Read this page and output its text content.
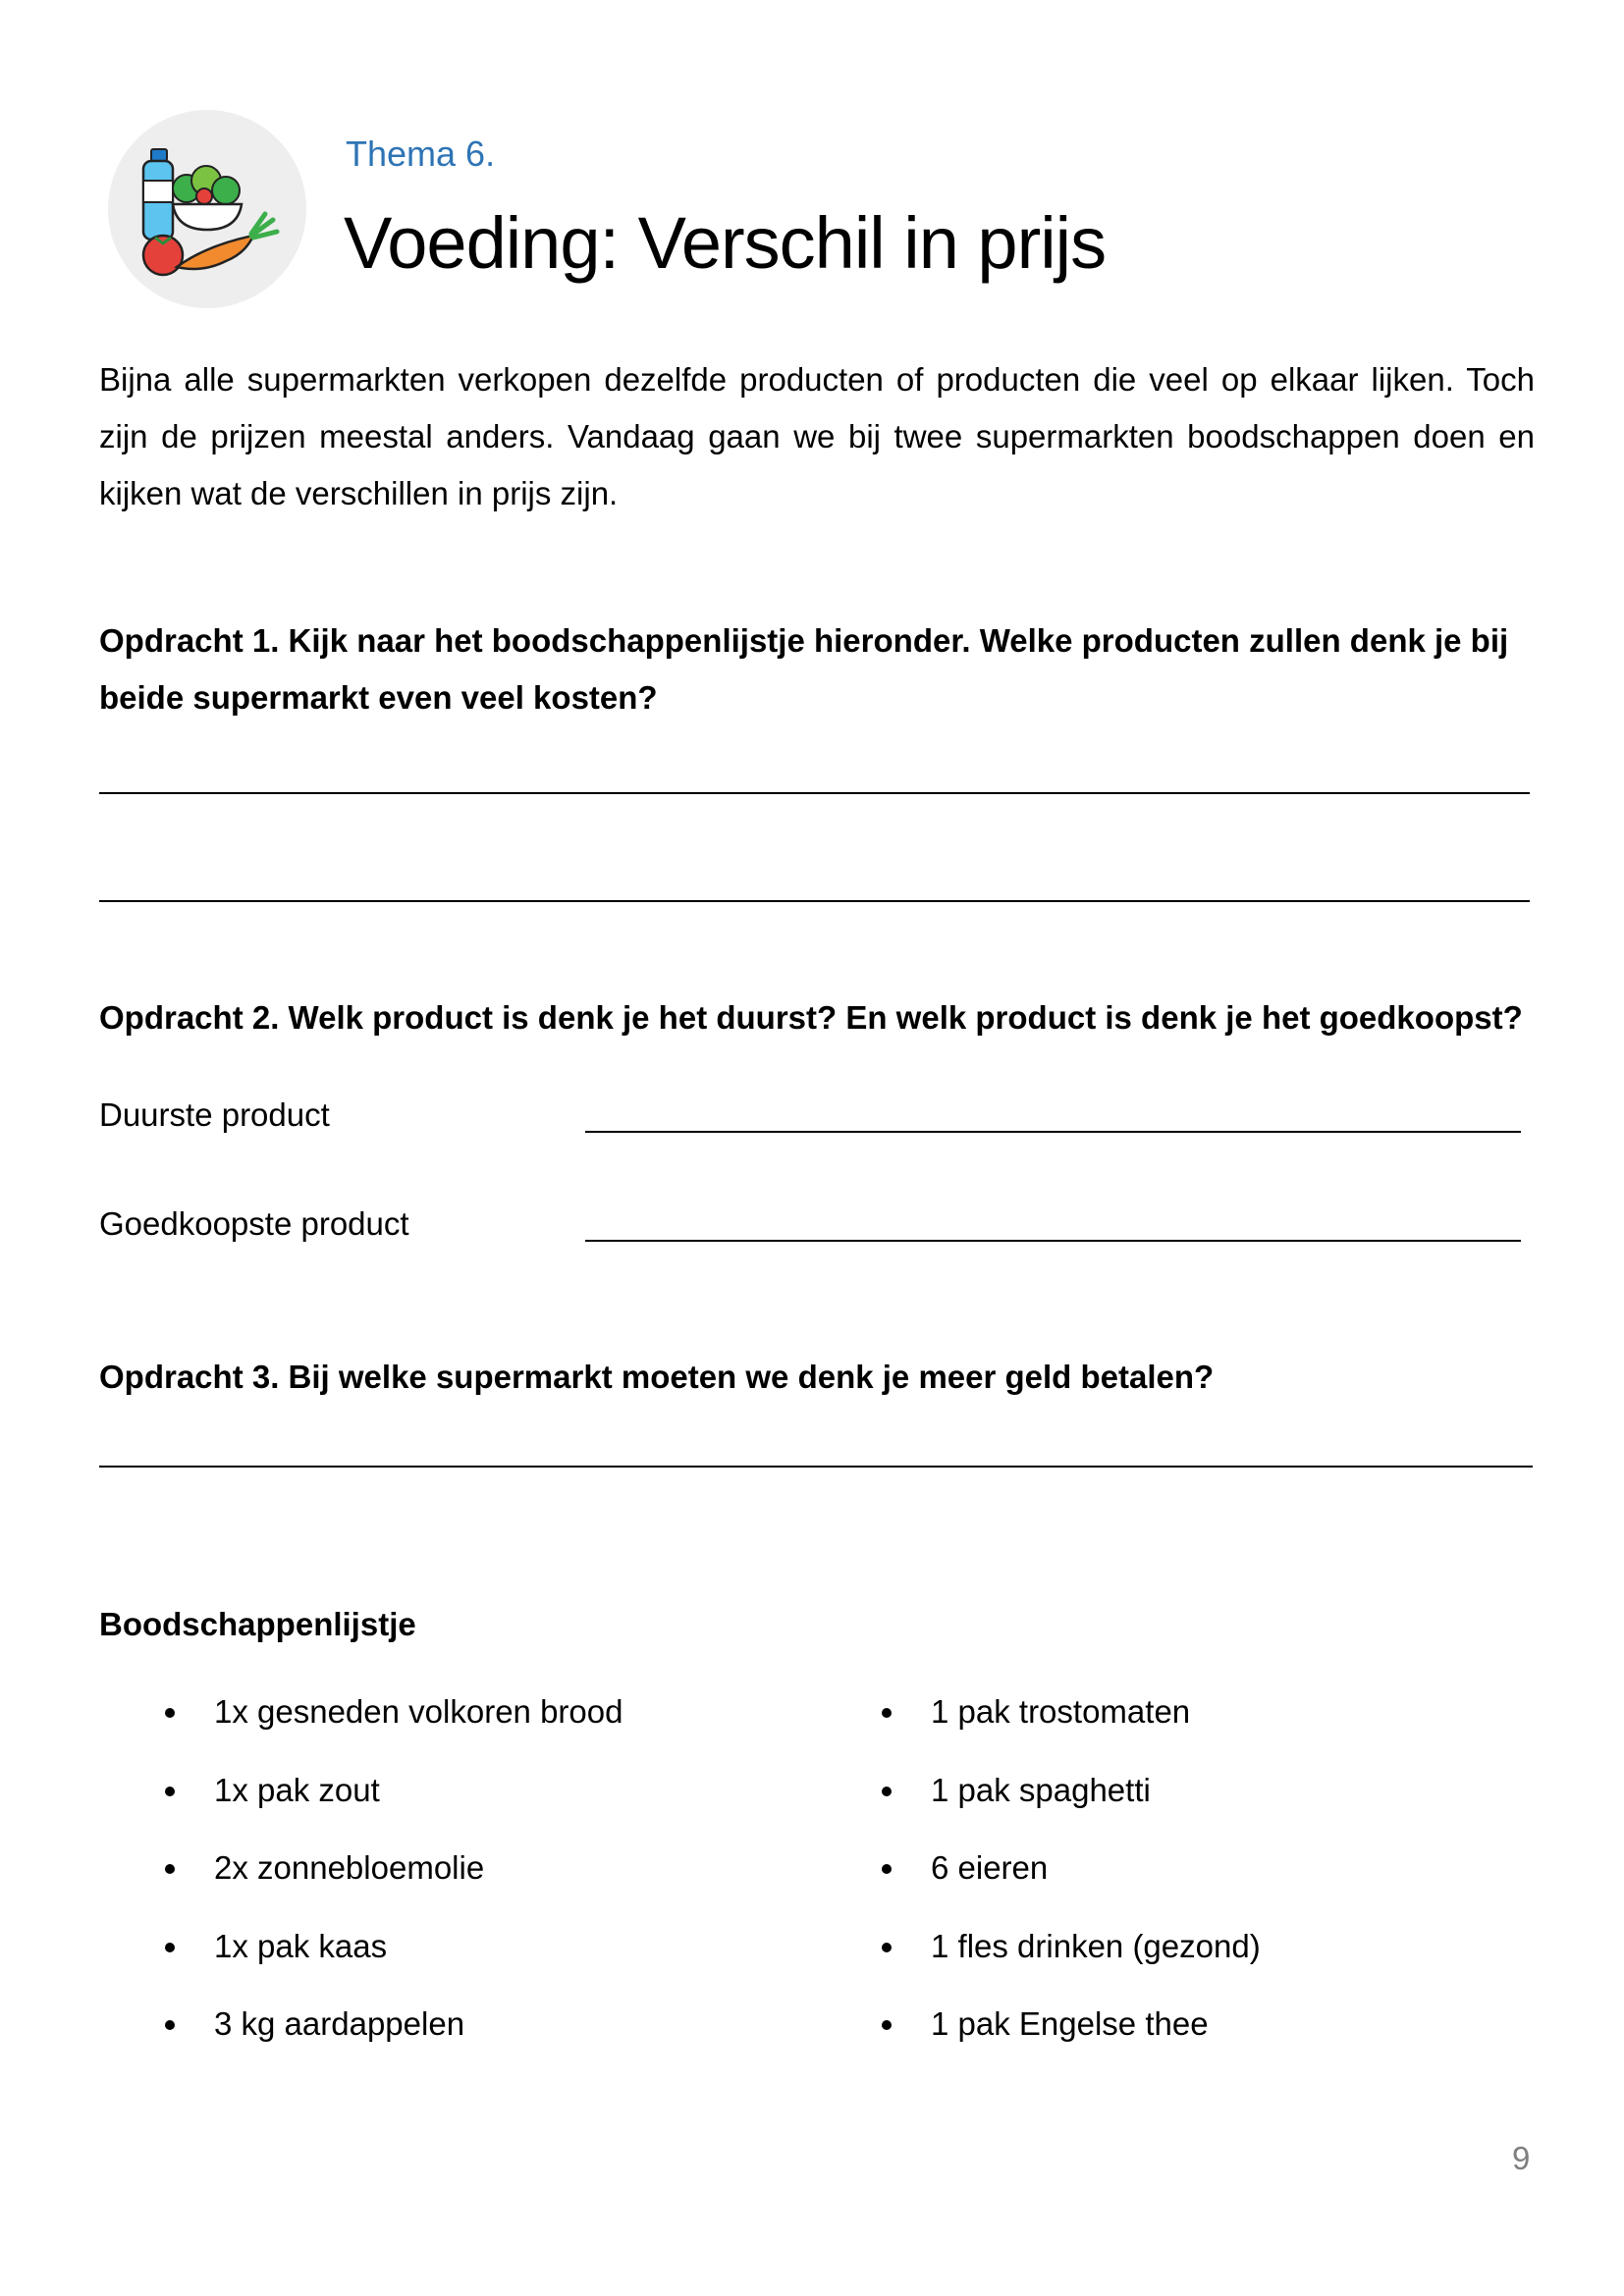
Thema 6.
Voeding: Verschil in prijs

Bijna alle supermarkten verkopen dezelfde producten of producten die veel op elkaar lijken. Toch zijn de prijzen meestal anders. Vandaag gaan we bij twee supermarkten boodschappen doen en kijken wat de verschillen in prijs zijn.

Opdracht 1. Kijk naar het boodschappenlijstje hieronder. Welke producten zullen denk je bij beide supermarkt even veel kosten?

Opdracht 2. Welk product is denk je het duurst? En welk product is denk je het goedkoopst?

Duurste product
Goedkoopste product

Opdracht 3. Bij welke supermarkt moeten we denk je meer geld betalen?

Boodschappenlijstje
1x gesneden volkoren brood
1x pak zout
2x zonnebloemolie
1x pak kaas
3 kg aardappelen
1 pak trostomaten
1 pak spaghetti
6 eieren
1 fles drinken (gezond)
1 pak Engelse thee
9
